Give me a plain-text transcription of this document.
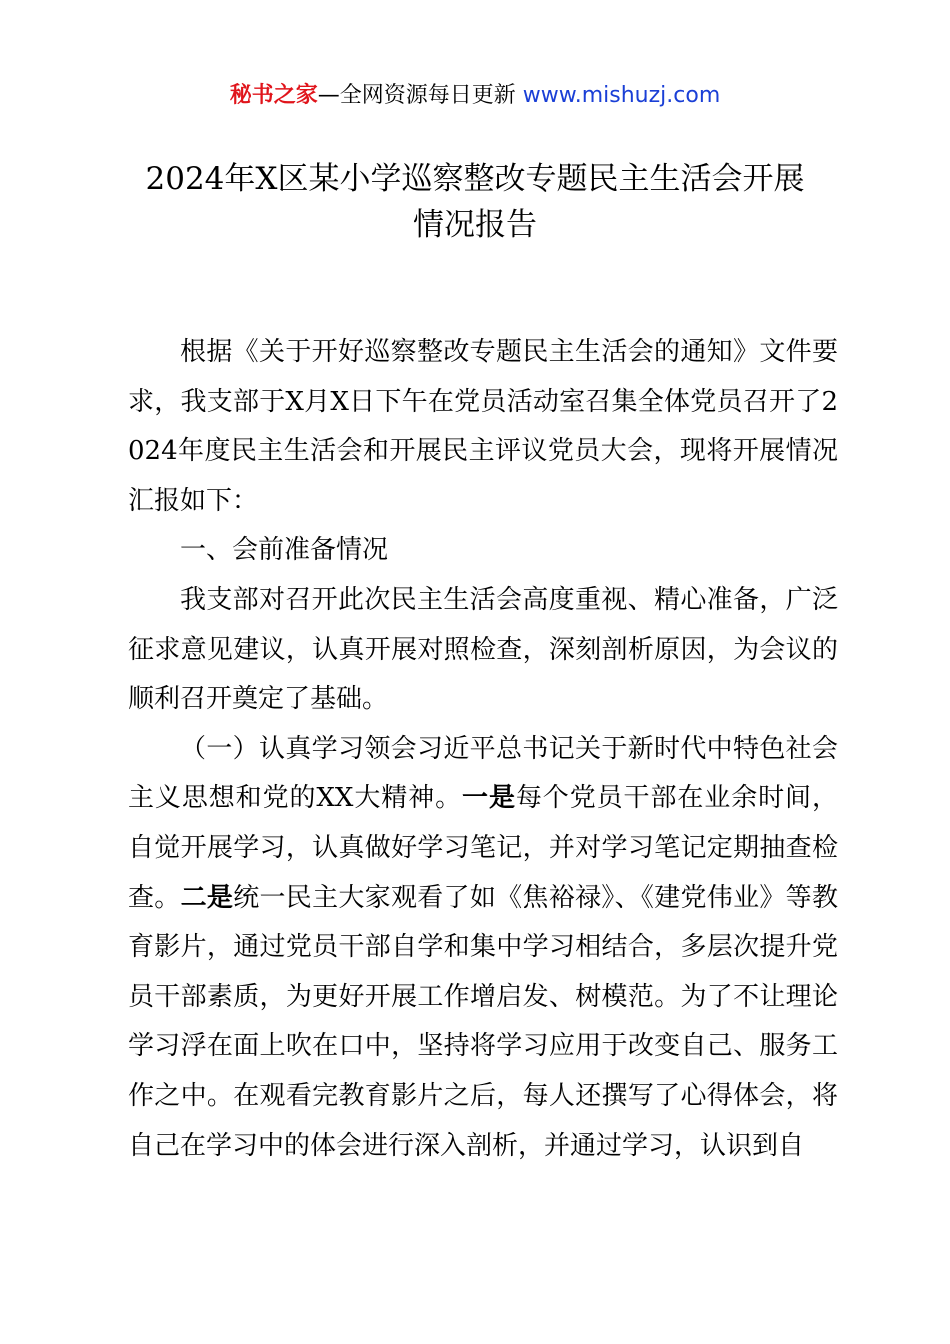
秘书之家—全网资源每日更新 www.mishuzj.com
2024年X区某小学巡察整改专题民主生活会开展
情况报告

根据《关于开好巡察整改专题民主生活会的通知》文件要求，我支部于X月X日下午在党员活动室召集全体党员召开了2024年度民主生活会和开展民主评议党员大会，现将开展情况汇报如下：

一、会前准备情况

我支部对召开此次民主生活会高度重视、精心准备，广泛征求意见建议，认真开展对照检查，深刻剖析原因，为会议的顺利召开奠定了基础。

（一）认真学习领会习近平总书记关于新时代中特色社会主义思想和党的XX大精神。一是每个党员干部在业余时间，自觉开展学习，认真做好学习笔记，并对学习笔记定期抽查检查。二是统一民主大家观看了如《焦裕禄》、《建党伟业》等教育影片，通过党员干部自学和集中学习相结合，多层次提升党员干部素质，为更好开展工作增启发、树模范。为了不让理论学习浮在面上吹在口中，坚持将学习应用于改变自己、服务工作之中。在观看完教育影片之后，每人还撰写了心得体会，将自己在学习中的体会进行深入剖析，并通过学习，认识到自
